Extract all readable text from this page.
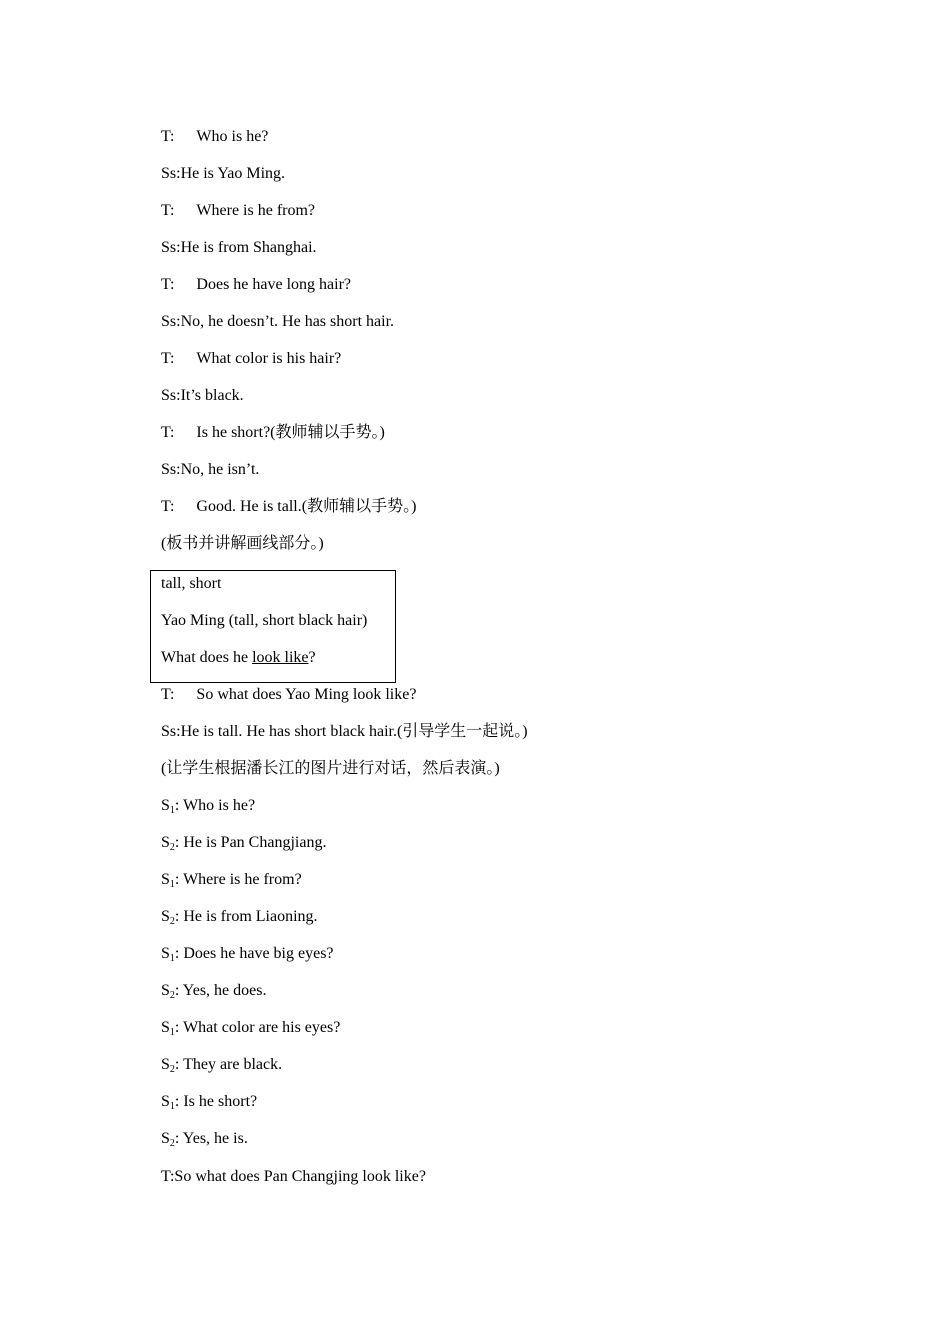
T: Who is he?
Ss:He is Yao Ming.
T: Where is he from?
Ss:He is from Shanghai.
T: Does he have long hair?
Ss:No, he doesn’t. He has short hair.
T: What color is his hair?
Ss:It’s black.
T: Is he short?(教师辅以手势。)
Ss:No, he isn’t.
T: Good. He is tall.(教师辅以手势。)
(板书并讲解画线部分。)
tall, short
Yao Ming (tall, short black hair)
What does he look like?
T: So what does Yao Ming look like?
Ss:He is tall. He has short black hair.(引导学生一起说。)
(让学生根据潘长江的图片进行对话，然后表演。)
$S_1$: Who is he?
$S_2$: He is Pan Changjiang.
$S_1$: Where is he from?
$S_2$: He is from Liaoning.
$S_1$: Does he have big eyes?
$S_2$: Yes, he does.
$S_1$: What color are his eyes?
$S_2$: They are black.
$S_1$: Is he short?
$S_2$: Yes, he is.
T:So what does Pan Changjing look like?
